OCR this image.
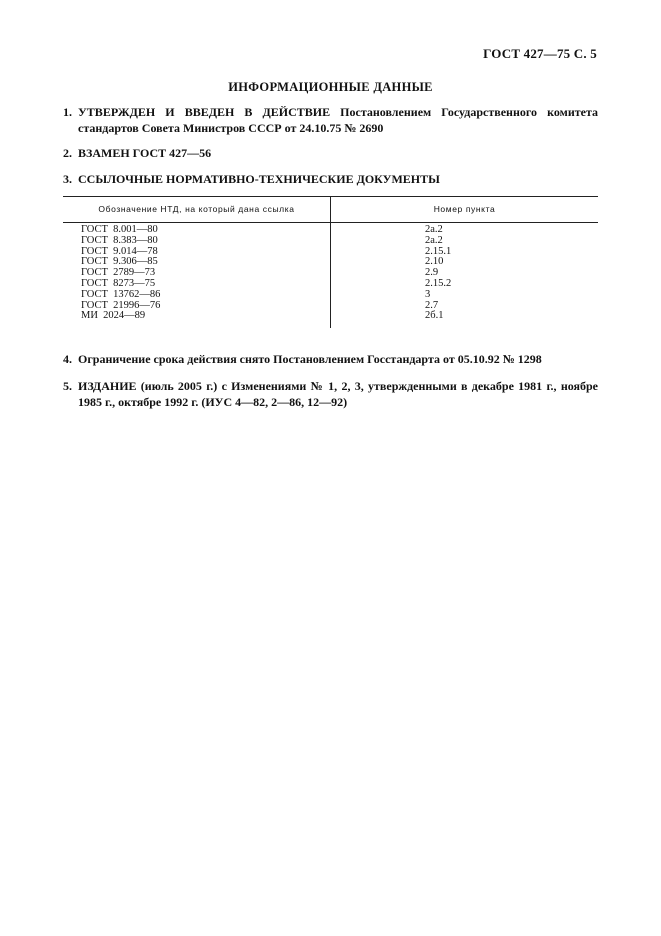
ГОСТ 427—75 С. 5
ИНФОРМАЦИОННЫЕ ДАННЫЕ
1. УТВЕРЖДЕН И ВВЕДЕН В ДЕЙСТВИЕ Постановлением Государственного комитета стандартов Совета Министров СССР от 24.10.75 № 2690
2. ВЗАМЕН ГОСТ 427—56
3. ССЫЛОЧНЫЕ НОРМАТИВНО-ТЕХНИЧЕСКИЕ ДОКУМЕНТЫ
Обозначение НТД, на который дана ссылка	Номер пункта
ГОСТ  8.001—80	2а.2
ГОСТ  8.383—80	2а.2
ГОСТ  9.014—78	2.15.1
ГОСТ  9.306—85	2.10
ГОСТ  2789—73	2.9
ГОСТ  8273—75	2.15.2
ГОСТ  13762—86	3
ГОСТ  21996—76	2.7
МИ  2024—89	2б.1
4. Ограничение срока действия снято Постановлением Госстандарта от 05.10.92 № 1298
5. ИЗДАНИЕ (июль 2005 г.) с Изменениями № 1, 2, 3, утвержденными в декабре 1981 г., ноябре 1985 г., октябре 1992 г. (ИУС 4—82, 2—86, 12—92)
